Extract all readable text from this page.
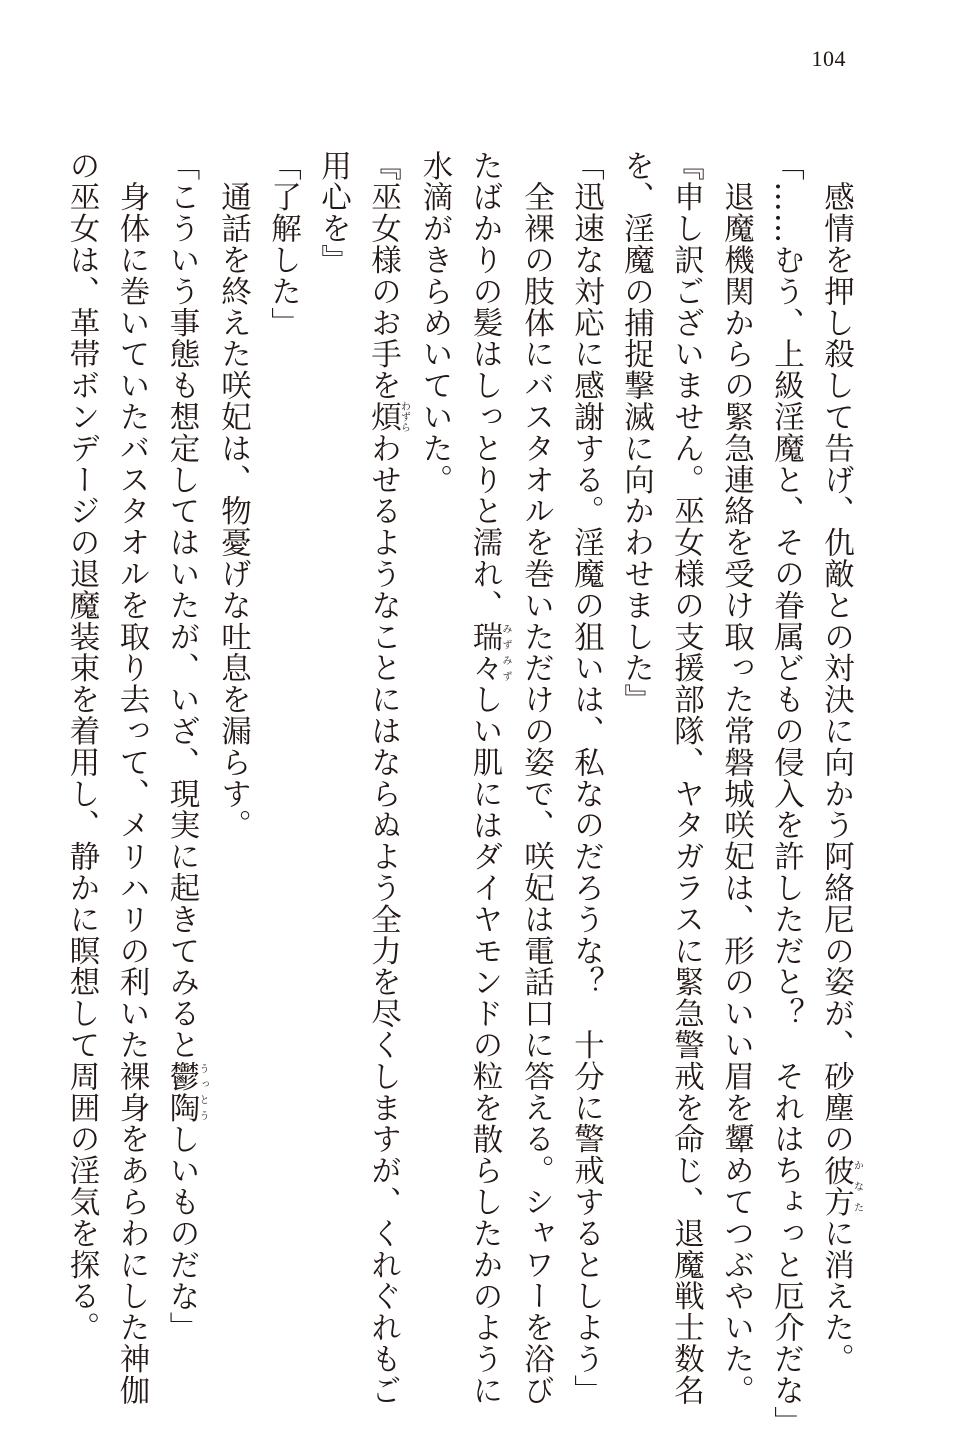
104

　感情を押し殺して告げ、仇敵との対決に向かう阿絡尼の姿が、砂塵の彼方かなたに消えた。

「……むう、上級淫魔と、その眷属どもの侵入を許しただと？　それはちょっと厄介だな」

　退魔機関からの緊急連絡を受け取った常磐城咲妃は、形のいい眉を顰めてつぶやいた。

『申し訳ございません。巫女様の支援部隊、ヤタガラスに緊急警戒を命じ、退魔戦士数名

を、淫魔の捕捉撃滅に向かわせました』

「迅速な対応に感謝する。淫魔の狙いは、私なのだろうな？　十分に警戒するとしよう」

　全裸の肢体にバスタオルを巻いただけの姿で、咲妃は電話口に答える。シャワーを浴び

たばかりの髪はしっとりと濡れ、瑞々みずみずしい肌にはダイヤモンドの粒を散らしたかのように

水滴がきらめいていた。

『巫女様のお手を煩わずらわせるようなことにはならぬよう全力を尽くしますが、くれぐれもご

用心を』

「了解した」

　通話を終えた咲妃は、物憂げな吐息を漏らす。

「こういう事態も想定してはいたが、いざ、現実に起きてみると鬱陶うっとうしいものだな」

　身体に巻いていたバスタオルを取り去って、メリハリの利いた裸身をあらわにした神伽

の巫女は、革帯ボンデージの退魔装束を着用し、静かに瞑想して周囲の淫気を探る。
